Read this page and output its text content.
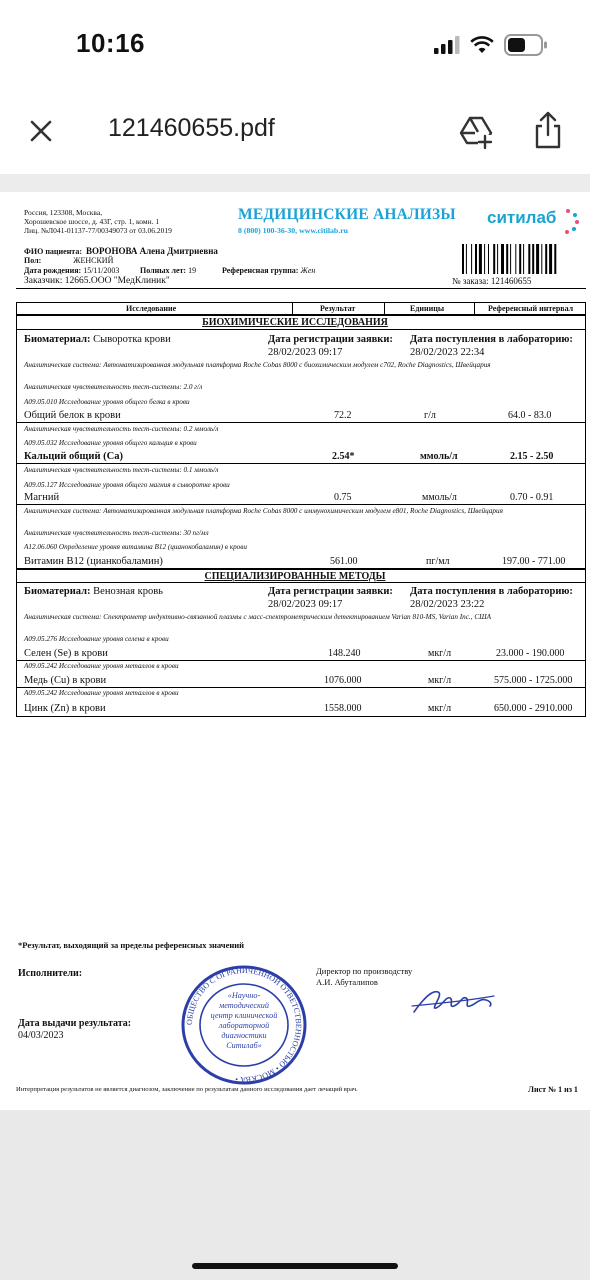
10:16
121460655.pdf
Россия, 123308, Москва,
Хорошевское шоссе, д. 43Г, стр. 1, комн. 1
Лиц. №Л041-01137-77/00349073 от 03.06.2019
МЕДИЦИНСКИЕ АНАЛИЗЫ
8 (800) 100-36-30, www.citilab.ru
ситилаб
ФИО пациента: ВОРОНОВА Алена Дмитриевна
Пол:	ЖЕНСКИЙ
Дата рождения: 15/11/2003	Полных лет: 19	Референсная группа: Жен
Заказчик: 12665.ООО "МедКлиник"	№ заказа: 121460655
Исследование	Результат	Единицы	Референсный интервал
БИОХИМИЧЕСКИЕ ИССЛЕДОВАНИЯ
Биоматериал: Сыворотка крови	Дата регистрации заявки:
28/02/2023 09:17
Дата поступления в лабораторию:
28/02/2023 22:34
Аналитическая система: Автоматизированная модульная платформа Roche Cobas 8000 с биохимическим модулем с702, Roche Diagnostics, Швейцария
Аналитическая чувствительность тест-системы: 2.0 г/л
A09.05.010 Исследование уровня общего белка в крови
Общий белок в крови	72.2	г/л	64.0 - 83.0
Аналитическая чувствительность тест-системы: 0.2 ммоль/л
A09.05.032 Исследование уровня общего кальция в крови
Кальций общий (Ca)	2.54*	ммоль/л	2.15 - 2.50
Аналитическая чувствительность тест-системы: 0.1 ммоль/л
A09.05.127 Исследование уровня общего магния в сыворотке крови
Магний	0.75	ммоль/л	0.70 - 0.91
Аналитическая система: Автоматизированная модульная платформа Roche Cobas 8000 с иммунохимическим модулем е801, Roche Diagnostics, Швейцария
Аналитическая чувствительность тест-системы: 30 пг/мл
A12.06.060 Определение уровня витамина B12 (цианокобаламин) в крови
Витамин B12 (цианкобаламин)	561.00	пг/мл	197.00 - 771.00
СПЕЦИАЛИЗИРОВАННЫЕ МЕТОДЫ
Биоматериал: Венозная кровь	Дата регистрации заявки:
28/02/2023 09:17
Дата поступления в лабораторию:
28/02/2023 23:22
Аналитическая система: Спектрометр индуктивно-связанной плазмы с масс-спектрометрическим детектированием Varian 810-MS, Varian Inc., США
A09.05.276 Исследование уровня селена в крови
Селен (Se) в крови	148.240	мкг/л	23.000 - 190.000
A09.05.242 Исследование уровня металлов в крови
Медь (Cu) в крови	1076.000	мкг/л	575.000 - 1725.000
A09.05.242 Исследование уровня металлов в крови
Цинк (Zn) в крови	1558.000	мкг/л	650.000 - 2910.000
*Результат, выходящий за пределы референсных значений
Исполнители:	Директор по производству
А.И. Абуталипов
Дата выдачи результата:
04/03/2023
ОБЩЕСТВО С ОГРАНИЧЕННОЙ ОТВЕТСТВЕННОСТЬЮ • МОСКВА •
«Научно-
методический
центр клинической
лабораторной
диагностики
Ситилаб»
Интерпретация результатов не является диагнозом, заключение по результатам данного исследования дает лечащий врач.	Лист № 1 из 1
